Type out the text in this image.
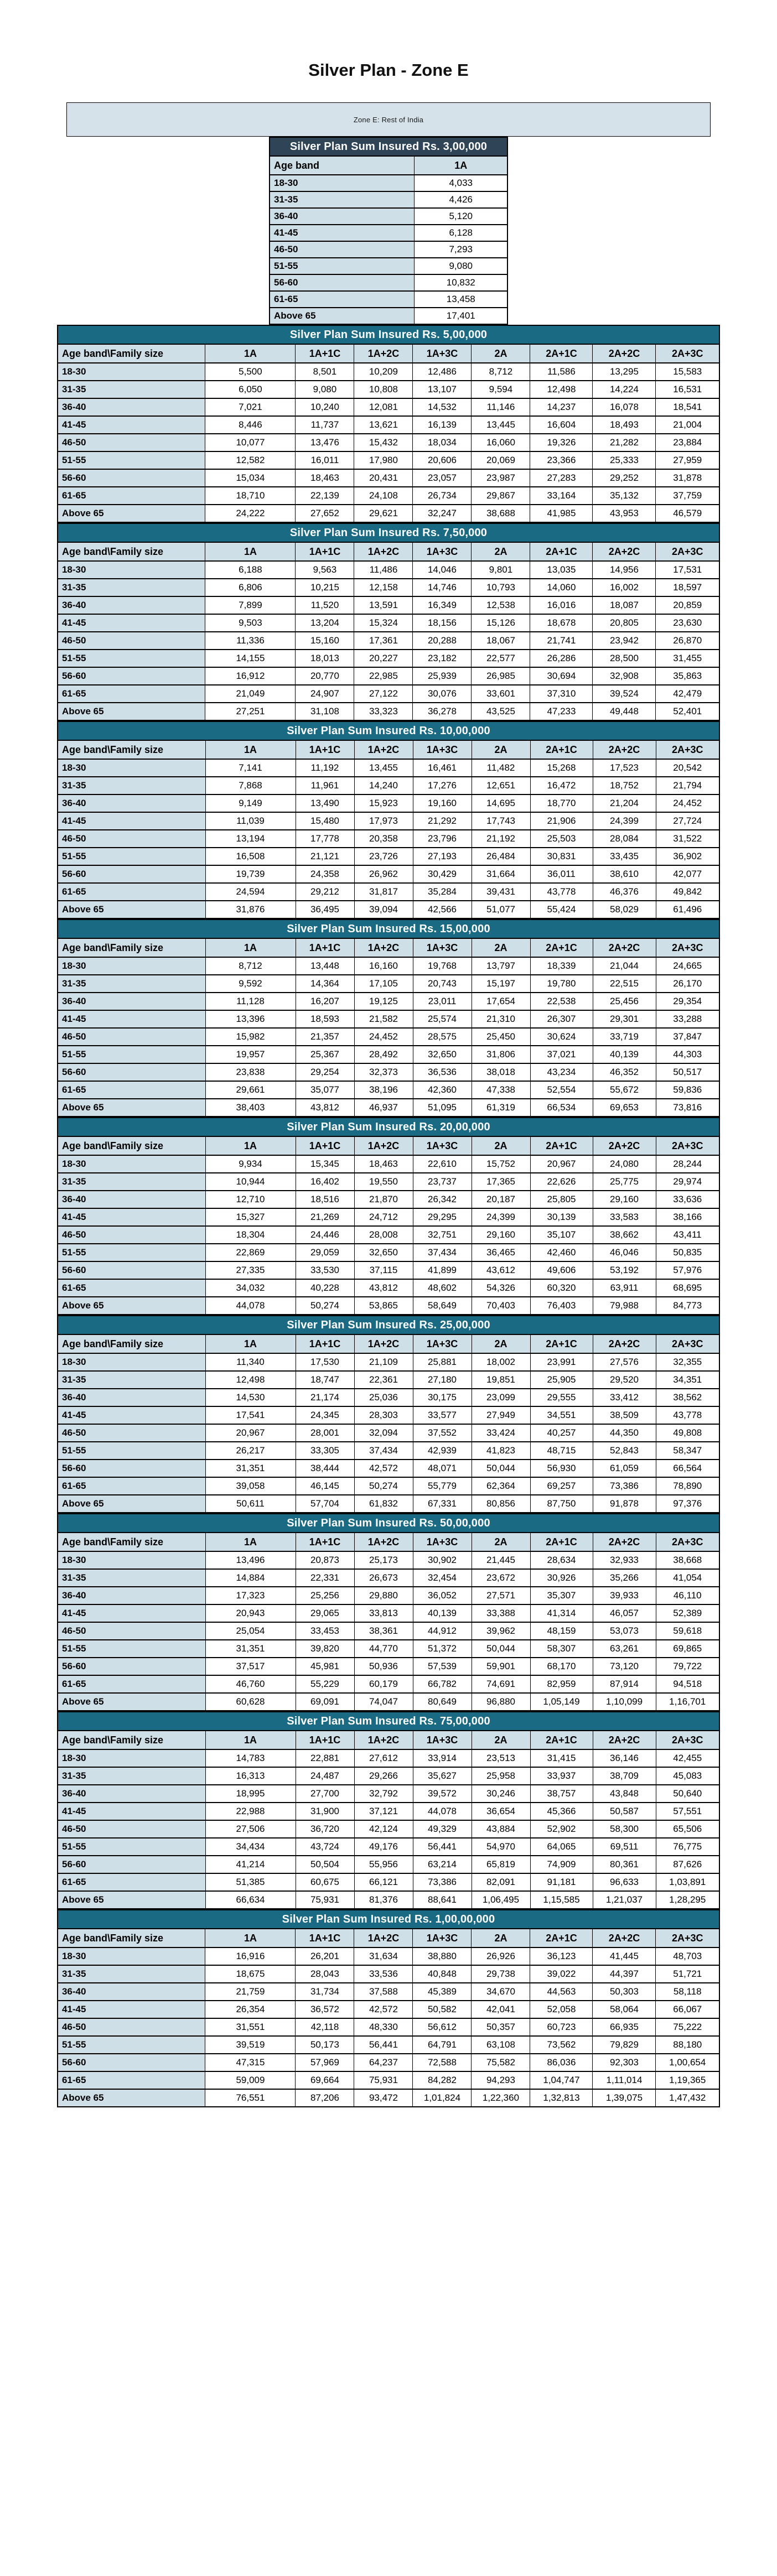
Silver Plan - Zone E
Zone E: Rest of India
Silver Plan Sum Insured Rs. 3,00,000	
Age band	1A
18-30	4,033
31-35	4,426
36-40	5,120
41-45	6,128
46-50	7,293
51-55	9,080
56-60	10,832
61-65	13,458
Above 65	17,401
Silver Plan Sum Insured Rs. 5,00,000								
Age band\Family size	1A	1A+1C	1A+2C	1A+3C	2A	2A+1C	2A+2C	2A+3C
18-30	5,500	8,501	10,209	12,486	8,712	11,586	13,295	15,583
31-35	6,050	9,080	10,808	13,107	9,594	12,498	14,224	16,531
36-40	7,021	10,240	12,081	14,532	11,146	14,237	16,078	18,541
41-45	8,446	11,737	13,621	16,139	13,445	16,604	18,493	21,004
46-50	10,077	13,476	15,432	18,034	16,060	19,326	21,282	23,884
51-55	12,582	16,011	17,980	20,606	20,069	23,366	25,333	27,959
56-60	15,034	18,463	20,431	23,057	23,987	27,283	29,252	31,878
61-65	18,710	22,139	24,108	26,734	29,867	33,164	35,132	37,759
Above 65	24,222	27,652	29,621	32,247	38,688	41,985	43,953	46,579
Silver Plan Sum Insured Rs. 7,50,000								
Age band\Family size	1A	1A+1C	1A+2C	1A+3C	2A	2A+1C	2A+2C	2A+3C
18-30	6,188	9,563	11,486	14,046	9,801	13,035	14,956	17,531
31-35	6,806	10,215	12,158	14,746	10,793	14,060	16,002	18,597
36-40	7,899	11,520	13,591	16,349	12,538	16,016	18,087	20,859
41-45	9,503	13,204	15,324	18,156	15,126	18,678	20,805	23,630
46-50	11,336	15,160	17,361	20,288	18,067	21,741	23,942	26,870
51-55	14,155	18,013	20,227	23,182	22,577	26,286	28,500	31,455
56-60	16,912	20,770	22,985	25,939	26,985	30,694	32,908	35,863
61-65	21,049	24,907	27,122	30,076	33,601	37,310	39,524	42,479
Above 65	27,251	31,108	33,323	36,278	43,525	47,233	49,448	52,401
Silver Plan Sum Insured Rs. 10,00,000								
Age band\Family size	1A	1A+1C	1A+2C	1A+3C	2A	2A+1C	2A+2C	2A+3C
18-30	7,141	11,192	13,455	16,461	11,482	15,268	17,523	20,542
31-35	7,868	11,961	14,240	17,276	12,651	16,472	18,752	21,794
36-40	9,149	13,490	15,923	19,160	14,695	18,770	21,204	24,452
41-45	11,039	15,480	17,973	21,292	17,743	21,906	24,399	27,724
46-50	13,194	17,778	20,358	23,796	21,192	25,503	28,084	31,522
51-55	16,508	21,121	23,726	27,193	26,484	30,831	33,435	36,902
56-60	19,739	24,358	26,962	30,429	31,664	36,011	38,610	42,077
61-65	24,594	29,212	31,817	35,284	39,431	43,778	46,376	49,842
Above 65	31,876	36,495	39,094	42,566	51,077	55,424	58,029	61,496
Silver Plan Sum Insured Rs. 15,00,000								
Age band\Family size	1A	1A+1C	1A+2C	1A+3C	2A	2A+1C	2A+2C	2A+3C
18-30	8,712	13,448	16,160	19,768	13,797	18,339	21,044	24,665
31-35	9,592	14,364	17,105	20,743	15,197	19,780	22,515	26,170
36-40	11,128	16,207	19,125	23,011	17,654	22,538	25,456	29,354
41-45	13,396	18,593	21,582	25,574	21,310	26,307	29,301	33,288
46-50	15,982	21,357	24,452	28,575	25,450	30,624	33,719	37,847
51-55	19,957	25,367	28,492	32,650	31,806	37,021	40,139	44,303
56-60	23,838	29,254	32,373	36,536	38,018	43,234	46,352	50,517
61-65	29,661	35,077	38,196	42,360	47,338	52,554	55,672	59,836
Above 65	38,403	43,812	46,937	51,095	61,319	66,534	69,653	73,816
Silver Plan Sum Insured Rs. 20,00,000								
Age band\Family size	1A	1A+1C	1A+2C	1A+3C	2A	2A+1C	2A+2C	2A+3C
18-30	9,934	15,345	18,463	22,610	15,752	20,967	24,080	28,244
31-35	10,944	16,402	19,550	23,737	17,365	22,626	25,775	29,974
36-40	12,710	18,516	21,870	26,342	20,187	25,805	29,160	33,636
41-45	15,327	21,269	24,712	29,295	24,399	30,139	33,583	38,166
46-50	18,304	24,446	28,008	32,751	29,160	35,107	38,662	43,411
51-55	22,869	29,059	32,650	37,434	36,465	42,460	46,046	50,835
56-60	27,335	33,530	37,115	41,899	43,612	49,606	53,192	57,976
61-65	34,032	40,228	43,812	48,602	54,326	60,320	63,911	68,695
Above 65	44,078	50,274	53,865	58,649	70,403	76,403	79,988	84,773
Silver Plan Sum Insured Rs. 25,00,000								
Age band\Family size	1A	1A+1C	1A+2C	1A+3C	2A	2A+1C	2A+2C	2A+3C
18-30	11,340	17,530	21,109	25,881	18,002	23,991	27,576	32,355
31-35	12,498	18,747	22,361	27,180	19,851	25,905	29,520	34,351
36-40	14,530	21,174	25,036	30,175	23,099	29,555	33,412	38,562
41-45	17,541	24,345	28,303	33,577	27,949	34,551	38,509	43,778
46-50	20,967	28,001	32,094	37,552	33,424	40,257	44,350	49,808
51-55	26,217	33,305	37,434	42,939	41,823	48,715	52,843	58,347
56-60	31,351	38,444	42,572	48,071	50,044	56,930	61,059	66,564
61-65	39,058	46,145	50,274	55,779	62,364	69,257	73,386	78,890
Above 65	50,611	57,704	61,832	67,331	80,856	87,750	91,878	97,376
Silver Plan Sum Insured Rs. 50,00,000								
Age band\Family size	1A	1A+1C	1A+2C	1A+3C	2A	2A+1C	2A+2C	2A+3C
18-30	13,496	20,873	25,173	30,902	21,445	28,634	32,933	38,668
31-35	14,884	22,331	26,673	32,454	23,672	30,926	35,266	41,054
36-40	17,323	25,256	29,880	36,052	27,571	35,307	39,933	46,110
41-45	20,943	29,065	33,813	40,139	33,388	41,314	46,057	52,389
46-50	25,054	33,453	38,361	44,912	39,962	48,159	53,073	59,618
51-55	31,351	39,820	44,770	51,372	50,044	58,307	63,261	69,865
56-60	37,517	45,981	50,936	57,539	59,901	68,170	73,120	79,722
61-65	46,760	55,229	60,179	66,782	74,691	82,959	87,914	94,518
Above 65	60,628	69,091	74,047	80,649	96,880	1,05,149	1,10,099	1,16,701
Silver Plan Sum Insured Rs. 75,00,000								
Age band\Family size	1A	1A+1C	1A+2C	1A+3C	2A	2A+1C	2A+2C	2A+3C
18-30	14,783	22,881	27,612	33,914	23,513	31,415	36,146	42,455
31-35	16,313	24,487	29,266	35,627	25,958	33,937	38,709	45,083
36-40	18,995	27,700	32,792	39,572	30,246	38,757	43,848	50,640
41-45	22,988	31,900	37,121	44,078	36,654	45,366	50,587	57,551
46-50	27,506	36,720	42,124	49,329	43,884	52,902	58,300	65,506
51-55	34,434	43,724	49,176	56,441	54,970	64,065	69,511	76,775
56-60	41,214	50,504	55,956	63,214	65,819	74,909	80,361	87,626
61-65	51,385	60,675	66,121	73,386	82,091	91,181	96,633	1,03,891
Above 65	66,634	75,931	81,376	88,641	1,06,495	1,15,585	1,21,037	1,28,295
Silver Plan Sum Insured Rs. 1,00,00,000								
Age band\Family size	1A	1A+1C	1A+2C	1A+3C	2A	2A+1C	2A+2C	2A+3C
18-30	16,916	26,201	31,634	38,880	26,926	36,123	41,445	48,703
31-35	18,675	28,043	33,536	40,848	29,738	39,022	44,397	51,721
36-40	21,759	31,734	37,588	45,389	34,670	44,563	50,303	58,118
41-45	26,354	36,572	42,572	50,582	42,041	52,058	58,064	66,067
46-50	31,551	42,118	48,330	56,612	50,357	60,723	66,935	75,222
51-55	39,519	50,173	56,441	64,791	63,108	73,562	79,829	88,180
56-60	47,315	57,969	64,237	72,588	75,582	86,036	92,303	1,00,654
61-65	59,009	69,664	75,931	84,282	94,293	1,04,747	1,11,014	1,19,365
Above 65	76,551	87,206	93,472	1,01,824	1,22,360	1,32,813	1,39,075	1,47,432
